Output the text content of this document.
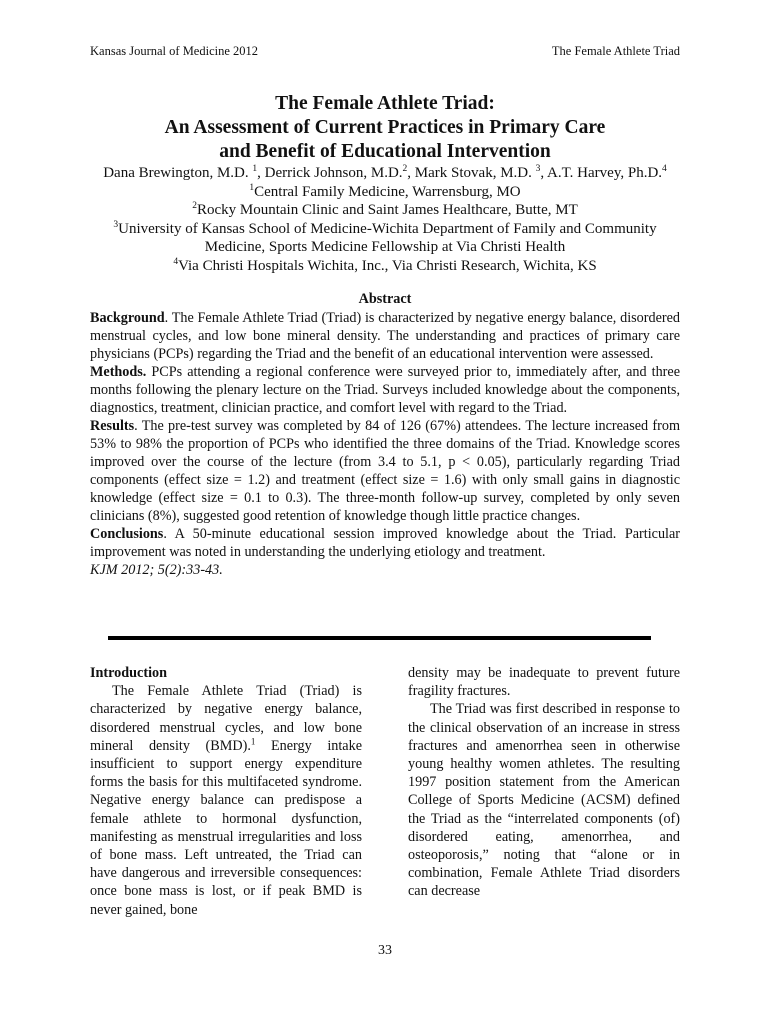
Kansas Journal of Medicine 2012	The Female Athlete Triad
The Female Athlete Triad:
An Assessment of Current Practices in Primary Care
and Benefit of Educational Intervention
Dana Brewington, M.D. $^1$, Derrick Johnson, M.D.$^2$, Mark Stovak, M.D. $^3$, A.T. Harvey, Ph.D.$^4$
$^1$Central Family Medicine, Warrensburg, MO
$^2$Rocky Mountain Clinic and Saint James Healthcare, Butte, MT
$^3$University of Kansas School of Medicine-Wichita Department of Family and Community
Medicine, Sports Medicine Fellowship at Via Christi Health
$^4$Via Christi Hospitals Wichita, Inc., Via Christi Research, Wichita, KS
Abstract

Background. The Female Athlete Triad (Triad) is characterized by negative energy balance, disordered menstrual cycles, and low bone mineral density. The understanding and practices of primary care physicians (PCPs) regarding the Triad and the benefit of an educational intervention were assessed.

Methods. PCPs attending a regional conference were surveyed prior to, immediately after, and three months following the plenary lecture on the Triad. Surveys included knowledge about the components, diagnostics, treatment, clinician practice, and comfort level with regard to the Triad.

Results. The pre-test survey was completed by 84 of 126 (67%) attendees. The lecture increased from 53% to 98% the proportion of PCPs who identified the three domains of the Triad. Knowledge scores improved over the course of the lecture (from 3.4 to 5.1, p < 0.05), particularly regarding Triad components (effect size = 1.2) and treatment (effect size = 1.6) with only small gains in diagnostic knowledge (effect size = 0.1 to 0.3). The three-month follow-up survey, completed by only seven clinicians (8%), suggested good retention of knowledge though little practice changes.

Conclusions. A 50-minute educational session improved knowledge about the Triad. Particular improvement was noted in understanding the underlying etiology and treatment.

KJM 2012; 5(2):33-43.

Introduction

The Female Athlete Triad (Triad) is characterized by negative energy balance, disordered menstrual cycles, and low bone mineral density (BMD).$^1$ Energy intake insufficient to support energy expenditure forms the basis for this multifaceted syndrome. Negative energy balance can predispose a female athlete to hormonal dysfunction, manifesting as menstrual irregularities and loss of bone mass. Left untreated, the Triad can have dangerous and irreversible consequences: once bone mass is lost, or if peak BMD is never gained, bone

density may be inadequate to prevent future fragility fractures.

The Triad was first described in response to the clinical observation of an increase in stress fractures and amenorrhea seen in otherwise young healthy women athletes. The resulting 1997 position statement from the American College of Sports Medicine (ACSM) defined the Triad as the “interrelated components (of) disordered eating, amenorrhea, and osteoporosis,” noting that “alone or in combination, Female Athlete Triad disorders can decrease

33
